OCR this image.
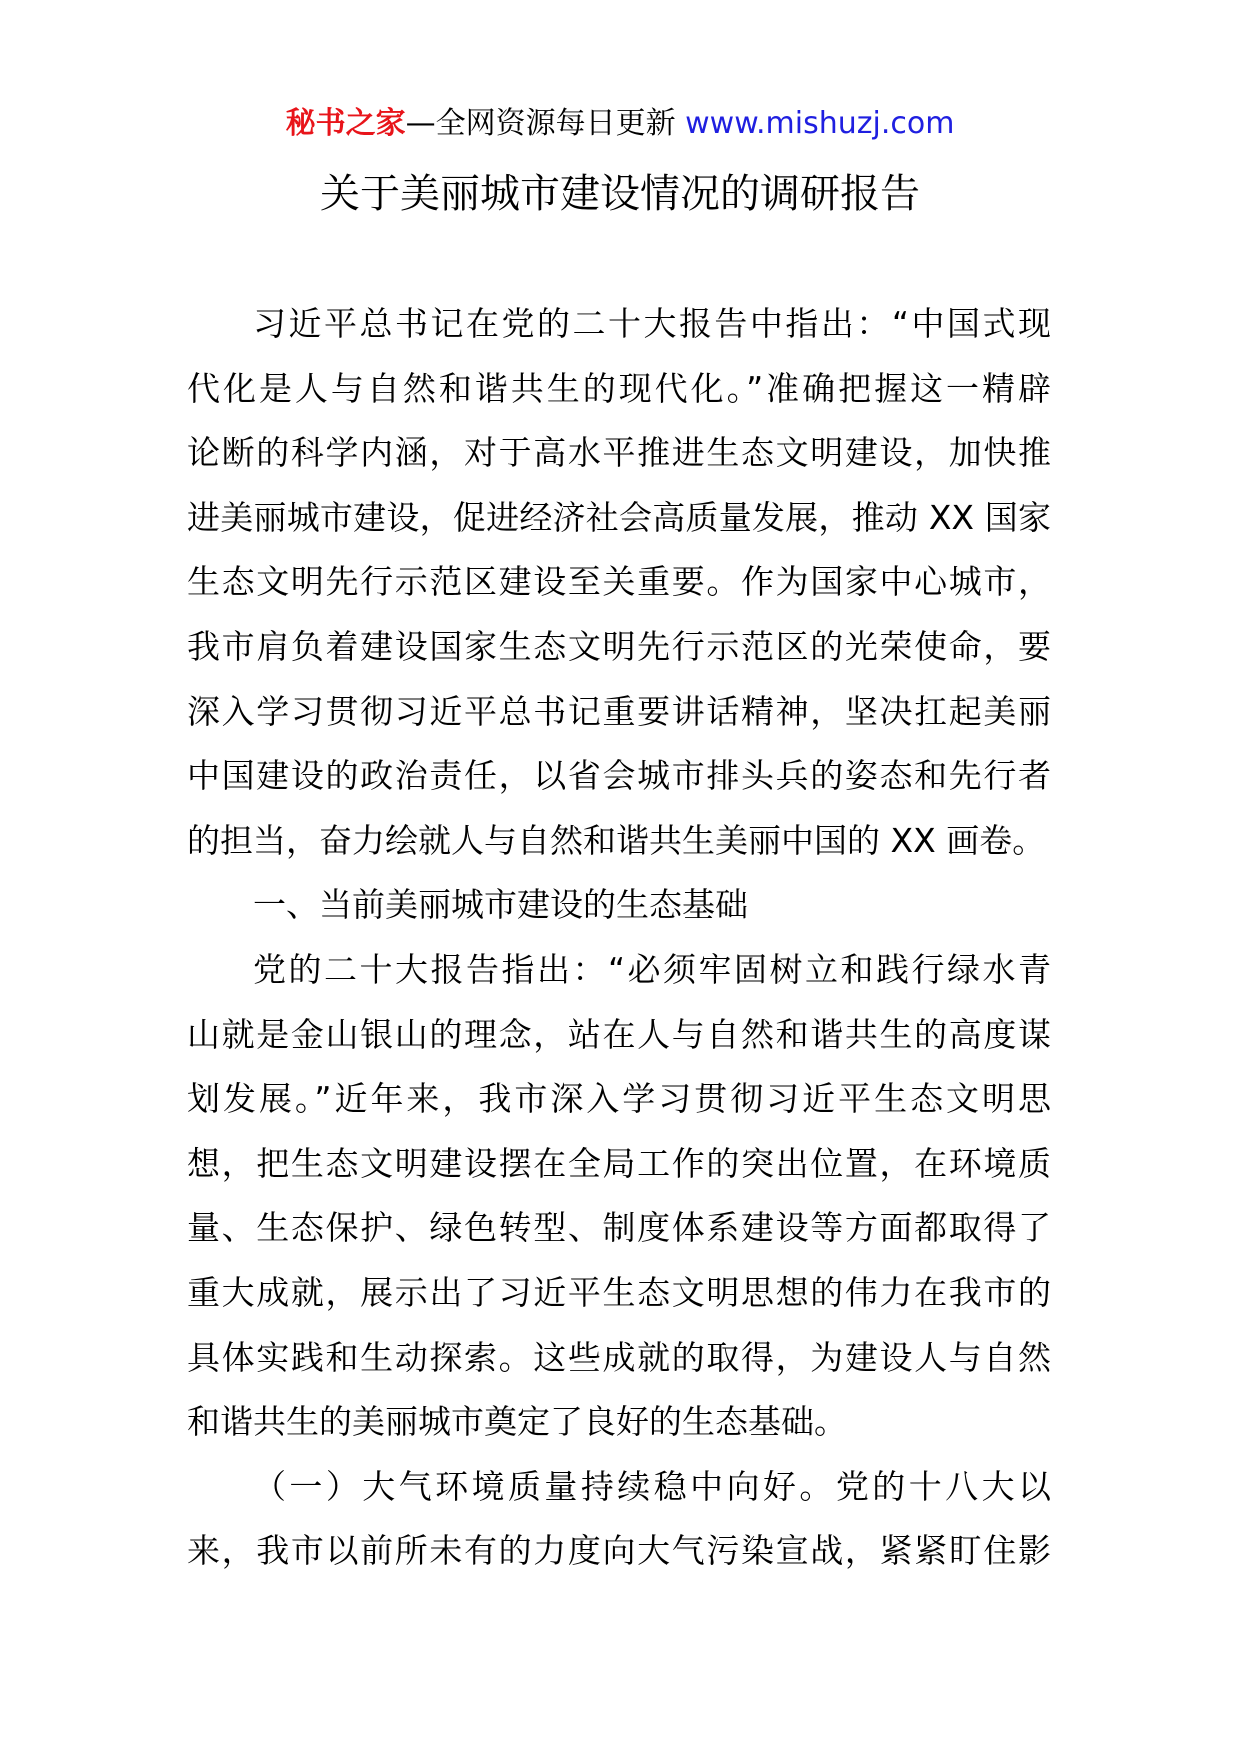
秘书之家—全网资源每日更新 www.mishuzj.com
关于美丽城市建设情况的调研报告
习近平总书记在党的二十大报告中指出：“中国式现
代化是人与自然和谐共生的现代化。”准确把握这一精辟
论断的科学内涵，对于高水平推进生态文明建设，加快推
进美丽城市建设，促进经济社会高质量发展，推动 XX 国家
生态文明先行示范区建设至关重要。作为国家中心城市，
我市肩负着建设国家生态文明先行示范区的光荣使命，要
深入学习贯彻习近平总书记重要讲话精神，坚决扛起美丽
中国建设的政治责任，以省会城市排头兵的姿态和先行者
的担当，奋力绘就人与自然和谐共生美丽中国的 XX 画卷。
一、当前美丽城市建设的生态基础
党的二十大报告指出：“必须牢固树立和践行绿水青
山就是金山银山的理念，站在人与自然和谐共生的高度谋
划发展。”近年来，我市深入学习贯彻习近平生态文明思
想，把生态文明建设摆在全局工作的突出位置，在环境质
量、生态保护、绿色转型、制度体系建设等方面都取得了
重大成就，展示出了习近平生态文明思想的伟力在我市的
具体实践和生动探索。这些成就的取得，为建设人与自然
和谐共生的美丽城市奠定了良好的生态基础。
（一）大气环境质量持续稳中向好。党的十八大以
来，我市以前所未有的力度向大气污染宣战，紧紧盯住影
